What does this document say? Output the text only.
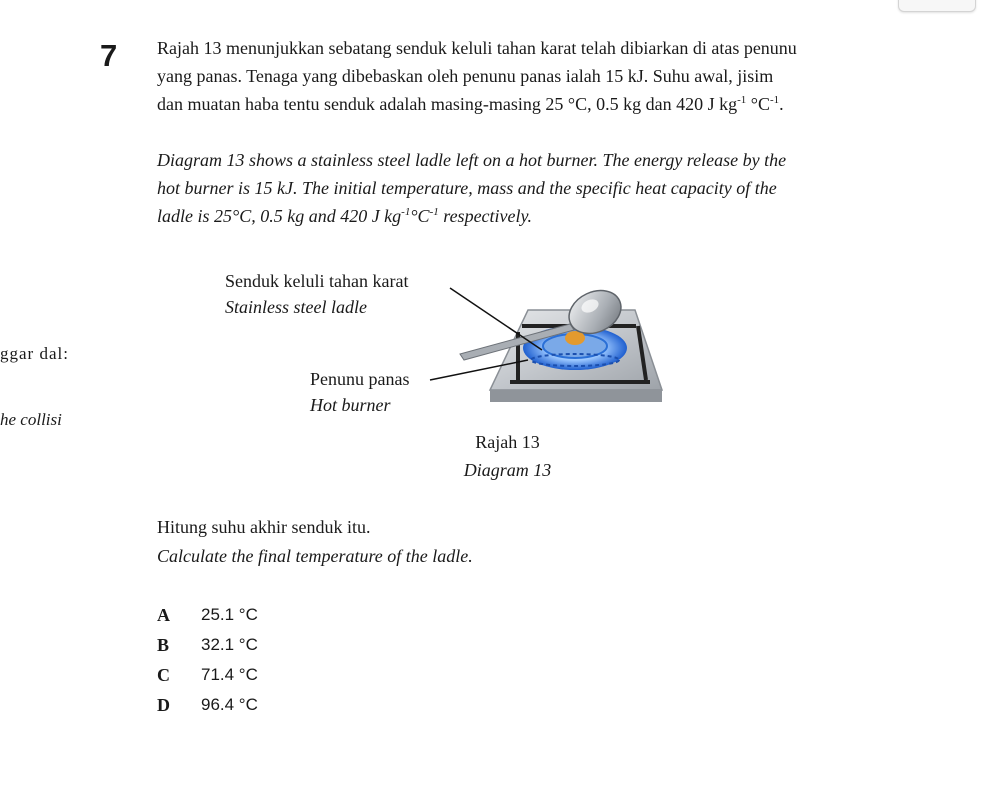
7 Rajah 13 menunjukkan sebatang senduk keluli tahan karat telah dibiarkan di atas penunu
yang panas. Tenaga yang dibebaskan oleh penunu panas ialah 15 kJ. Suhu awal, jisim
dan muatan haba tentu senduk adalah masing-masing 25 °C, 0.5 kg dan 420 J $kg^{-1}$ $^\circ C^{-1}$.

Diagram 13 shows a stainless steel ladle left on a hot burner. The energy release by the
hot burner is 15 kJ. The initial temperature, mass and the specific heat capacity of the
ladle is 25°C, 0.5 kg and 420 J $kg^{-1}^\circ C^{-1}$ respectively.

ggar dal:
he collisi

Senduk keluli tahan karat
Stainless steel ladle

Penunu panas
Hot burner

Rajah 13
Diagram 13
Hitung suhu akhir senduk itu.
Calculate the final temperature of the ladle.
A	25.1 °C
B	32.1 °C
C	71.4 °C
D	96.4 °C
